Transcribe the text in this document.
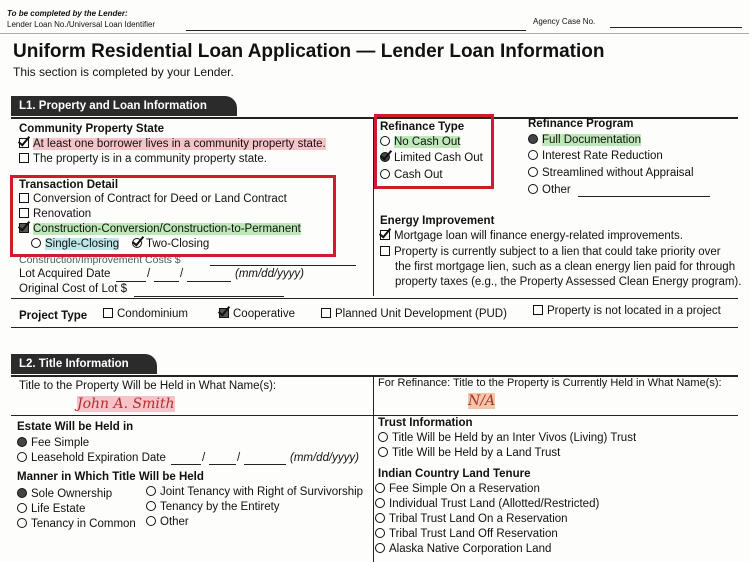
To be completed by the Lender:
Lender Loan No./Universal Loan Identifier	Agency Case No.
Uniform Residential Loan Application — Lender Loan Information
This section is completed by your Lender.
L1. Property and Loan Information
Community Property State
At least one borrower lives in a community property state.
The property is in a community property state.
Transaction Detail
Conversion of Contract for Deed or Land Contract
Renovation
Construction-Conversion/Construction-to-Permanent
Single-Closing	Two-Closing
Construction/Improvement Costs $
Lot Acquired Date	/	/	(mm/dd/yyyy)
Original Cost of Lot $
Refinance Type
No Cash Out
Limited Cash Out
Cash Out
Refinance Program
Full Documentation
Interest Rate Reduction
Streamlined without Appraisal
Other
Energy Improvement
Mortgage loan will finance energy-related improvements.
Property is currently subject to a lien that could take priority over
the first mortgage lien, such as a clean energy lien paid for through
property taxes (e.g., the Property Assessed Clean Energy program).
Project Type	Condominium	Cooperative	Planned Unit Development (PUD)	Property is not located in a project
L2. Title Information
Title to the Property Will be Held in What Name(s):
John A. Smith
For Refinance: Title to the Property is Currently Held in What Name(s):
N/A
Estate Will be Held in
Fee Simple
Leasehold Expiration Date	/	/	(mm/dd/yyyy)
Manner in Which Title Will be Held
Sole Ownership
Life Estate
Tenancy in Common
Joint Tenancy with Right of Survivorship
Tenancy by the Entirety
Other
Trust Information
Title Will be Held by an Inter Vivos (Living) Trust
Title Will be Held by a Land Trust
Indian Country Land Tenure
Fee Simple On a Reservation
Individual Trust Land (Allotted/Restricted)
Tribal Trust Land On a Reservation
Tribal Trust Land Off Reservation
Alaska Native Corporation Land
